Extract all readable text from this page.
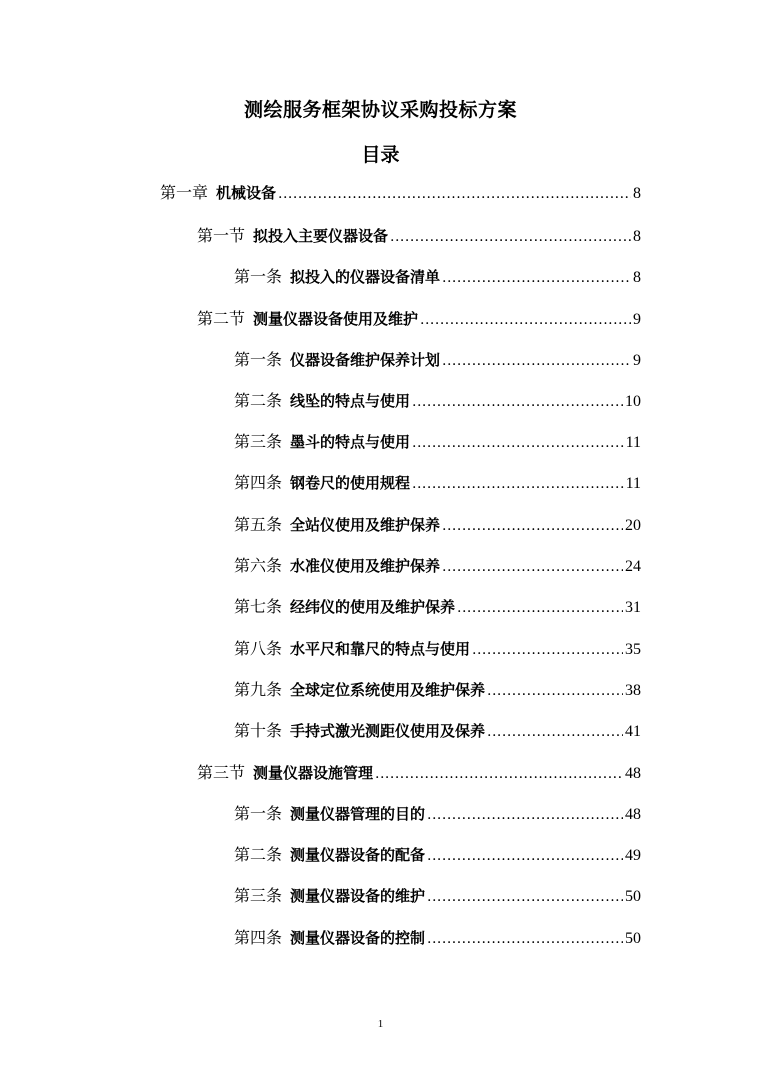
测绘服务框架协议采购投标方案
目录
第一章 机械设备 .....	8
第一节 拟投入主要仪器设备 .....	8
第一条 拟投入的仪器设备清单 .....	8
第二节 测量仪器设备使用及维护 .....	9
第一条 仪器设备维护保养计划 .....	9
第二条 线坠的特点与使用 .....	10
第三条 墨斗的特点与使用 .....	11
第四条 钢卷尺的使用规程 .....	11
第五条 全站仪使用及维护保养 .....	20
第六条 水准仪使用及维护保养 .....	24
第七条 经纬仪的使用及维护保养 .....	31
第八条 水平尺和靠尺的特点与使用 .....	35
第九条 全球定位系统使用及维护保养 .....	38
第十条 手持式激光测距仪使用及保养 .....	41
第三节 测量仪器设施管理 .....	48
第一条 测量仪器管理的目的 .....	48
第二条 测量仪器设备的配备 .....	49
第三条 测量仪器设备的维护 .....	50
第四条 测量仪器设备的控制 .....	50
1
